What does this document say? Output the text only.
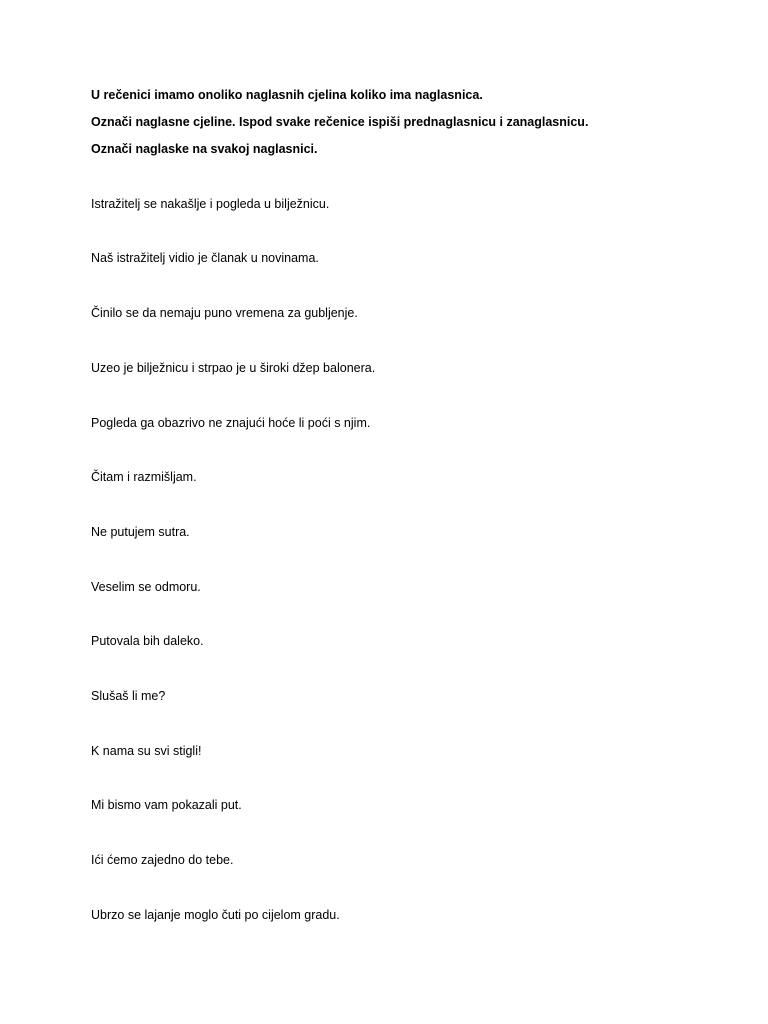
U rečenici imamo onoliko naglasnih cjelina koliko ima naglasnica.
Označi naglasne cjeline. Ispod svake rečenice ispiši prednaglasnicu i zanaglasnicu.
Označi naglaske na svakoj naglasnici.
Istražitelj se nakašlje i pogleda u bilježnicu.
Naš istražitelj vidio je članak u novinama.
Činilo se da nemaju puno vremena za gubljenje.
Uzeo je bilježnicu i strpao je u široki džep balonera.
Pogleda ga obazrivo ne znajući hoće li poći s njim.
Čitam i razmišljam.
Ne putujem sutra.
Veselim se odmoru.
Putovala bih daleko.
Slušaš li me?
K nama su svi stigli!
Mi bismo vam pokazali put.
Ići ćemo zajedno do tebe.
Ubrzo se lajanje moglo čuti po cijelom gradu.
